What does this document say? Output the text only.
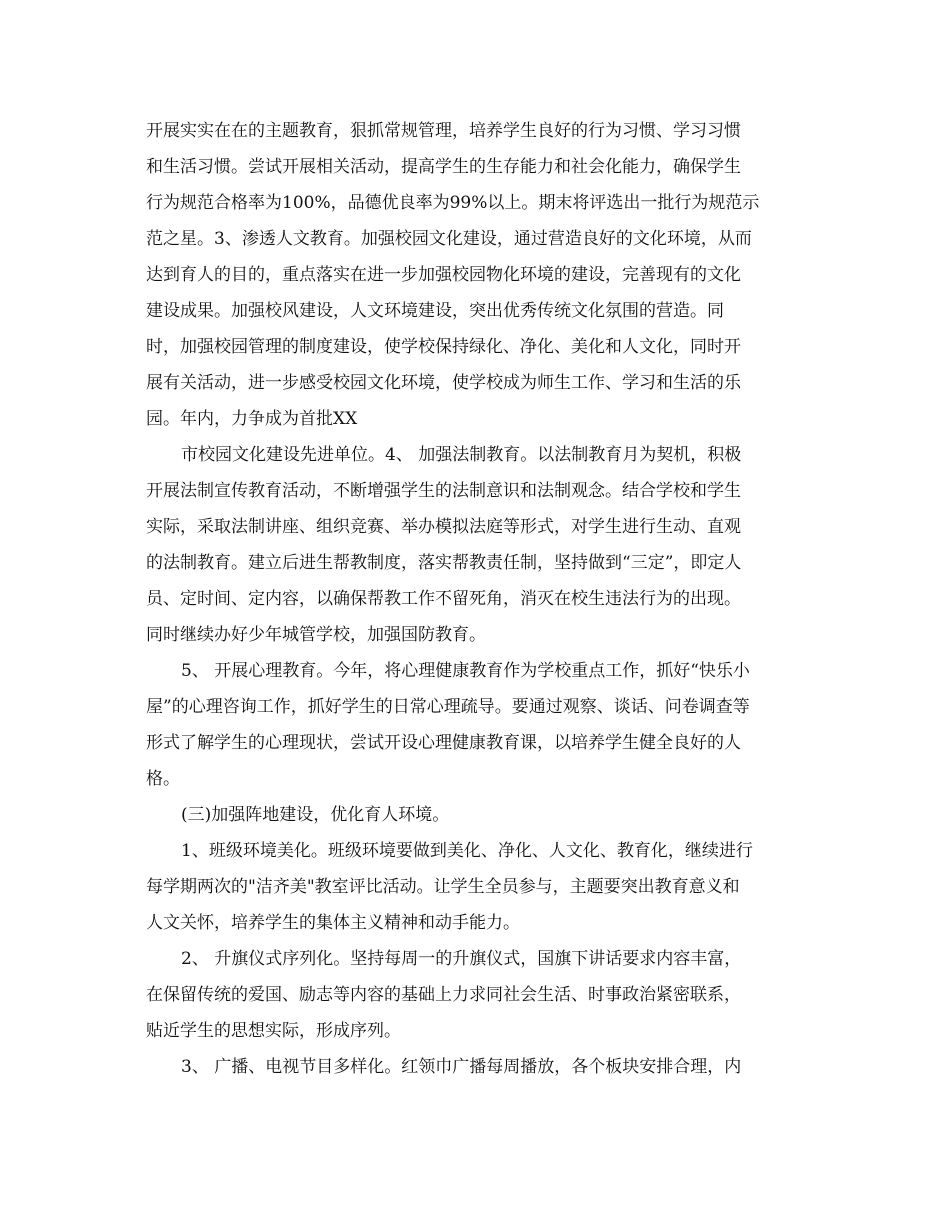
开展实实在在的主题教育，狠抓常规管理，培养学生良好的行为习惯、学习习惯
和生活习惯。尝试开展相关活动，提高学生的生存能力和社会化能力，确保学生
行为规范合格率为100%，品德优良率为99%以上。期末将评选出一批行为规范示
范之星。3、渗透人文教育。加强校园文化建设，通过营造良好的文化环境，从而
达到育人的目的，重点落实在进一步加强校园物化环境的建设，完善现有的文化
建设成果。加强校风建设，人文环境建设，突出优秀传统文化氛围的营造。同
时，加强校园管理的制度建设，使学校保持绿化、净化、美化和人文化，同时开
展有关活动，进一步感受校园文化环境，使学校成为师生工作、学习和生活的乐
园。年内，力争成为首批XX

市校园文化建设先进单位。4、 加强法制教育。以法制教育月为契机，积极
开展法制宣传教育活动，不断增强学生的法制意识和法制观念。结合学校和学生
实际，采取法制讲座、组织竞赛、举办模拟法庭等形式，对学生进行生动、直观
的法制教育。建立后进生帮教制度，落实帮教责任制，坚持做到“三定”，即定人
员、定时间、定内容，以确保帮教工作不留死角，消灭在校生违法行为的出现。
同时继续办好少年城管学校，加强国防教育。

5、 开展心理教育。今年，将心理健康教育作为学校重点工作，抓好“快乐小
屋”的心理咨询工作，抓好学生的日常心理疏导。要通过观察、谈话、问卷调查等
形式了解学生的心理现状，尝试开设心理健康教育课，以培养学生健全良好的人
格。

(三)加强阵地建设，优化育人环境。

1、班级环境美化。班级环境要做到美化、净化、人文化、教育化，继续进行
每学期两次的"洁齐美"教室评比活动。让学生全员参与，主题要突出教育意义和
人文关怀，培养学生的集体主义精神和动手能力。

2、 升旗仪式序列化。坚持每周一的升旗仪式，国旗下讲话要求内容丰富，
在保留传统的爱国、励志等内容的基础上力求同社会生活、时事政治紧密联系，
贴近学生的思想实际，形成序列。

3、 广播、电视节目多样化。红领巾广播每周播放，各个板块安排合理，内
